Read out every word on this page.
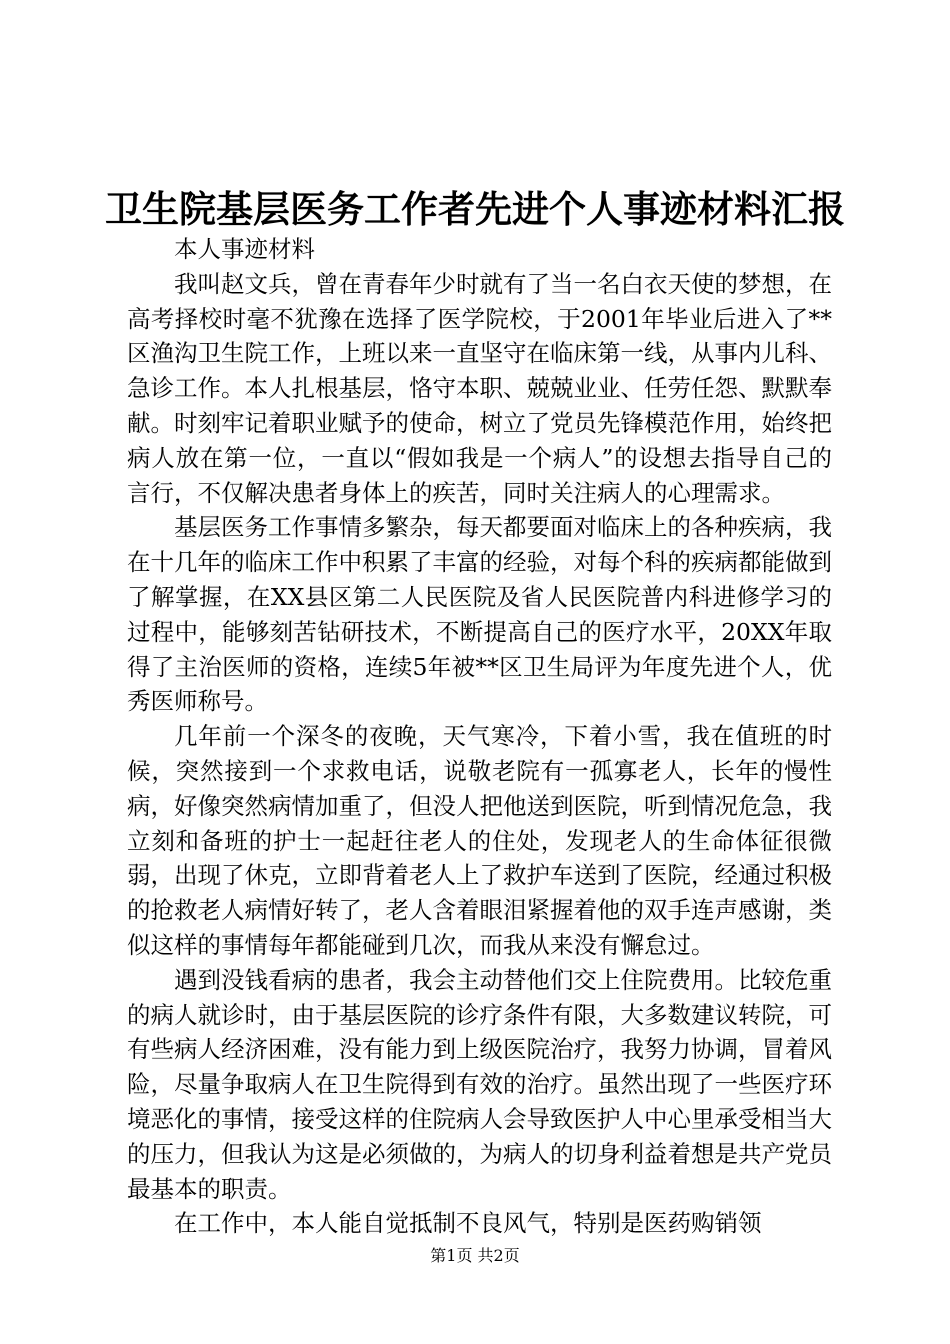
卫生院基层医务工作者先进个人事迹材料汇报

本人事迹材料

我叫赵文兵，曾在青春年少时就有了当一名白衣天使的梦想，在高考择校时毫不犹豫在选择了医学院校，于2001年毕业后进入了**区渔沟卫生院工作，上班以来一直坚守在临床第一线，从事内儿科、急诊工作。本人扎根基层，恪守本职、兢兢业业、任劳任怨、默默奉献。时刻牢记着职业赋予的使命，树立了党员先锋模范作用，始终把病人放在第一位，一直以“假如我是一个病人”的设想去指导自己的言行，不仅解决患者身体上的疾苦，同时关注病人的心理需求。

基层医务工作事情多繁杂，每天都要面对临床上的各种疾病，我在十几年的临床工作中积累了丰富的经验，对每个科的疾病都能做到了解掌握，在XX县区第二人民医院及省人民医院普内科进修学习的过程中，能够刻苦钻研技术，不断提高自己的医疗水平，20XX年取得了主治医师的资格，连续5年被**区卫生局评为年度先进个人，优秀医师称号。

几年前一个深冬的夜晚，天气寒冷，下着小雪，我在值班的时候，突然接到一个求救电话，说敬老院有一孤寡老人，长年的慢性病，好像突然病情加重了，但没人把他送到医院，听到情况危急，我立刻和备班的护士一起赶往老人的住处，发现老人的生命体征很微弱，出现了休克，立即背着老人上了救护车送到了医院，经通过积极的抢救老人病情好转了，老人含着眼泪紧握着他的双手连声感谢，类似这样的事情每年都能碰到几次，而我从来没有懈怠过。

遇到没钱看病的患者，我会主动替他们交上住院费用。比较危重的病人就诊时，由于基层医院的诊疗条件有限，大多数建议转院，可有些病人经济困难，没有能力到上级医院治疗，我努力协调，冒着风险，尽量争取病人在卫生院得到有效的治疗。虽然出现了一些医疗环境恶化的事情，接受这样的住院病人会导致医护人中心里承受相当大的压力，但我认为这是必须做的，为病人的切身利益着想是共产党员最基本的职责。

在工作中，本人能自觉抵制不良风气，特别是医药购销领

第1页 共2页
